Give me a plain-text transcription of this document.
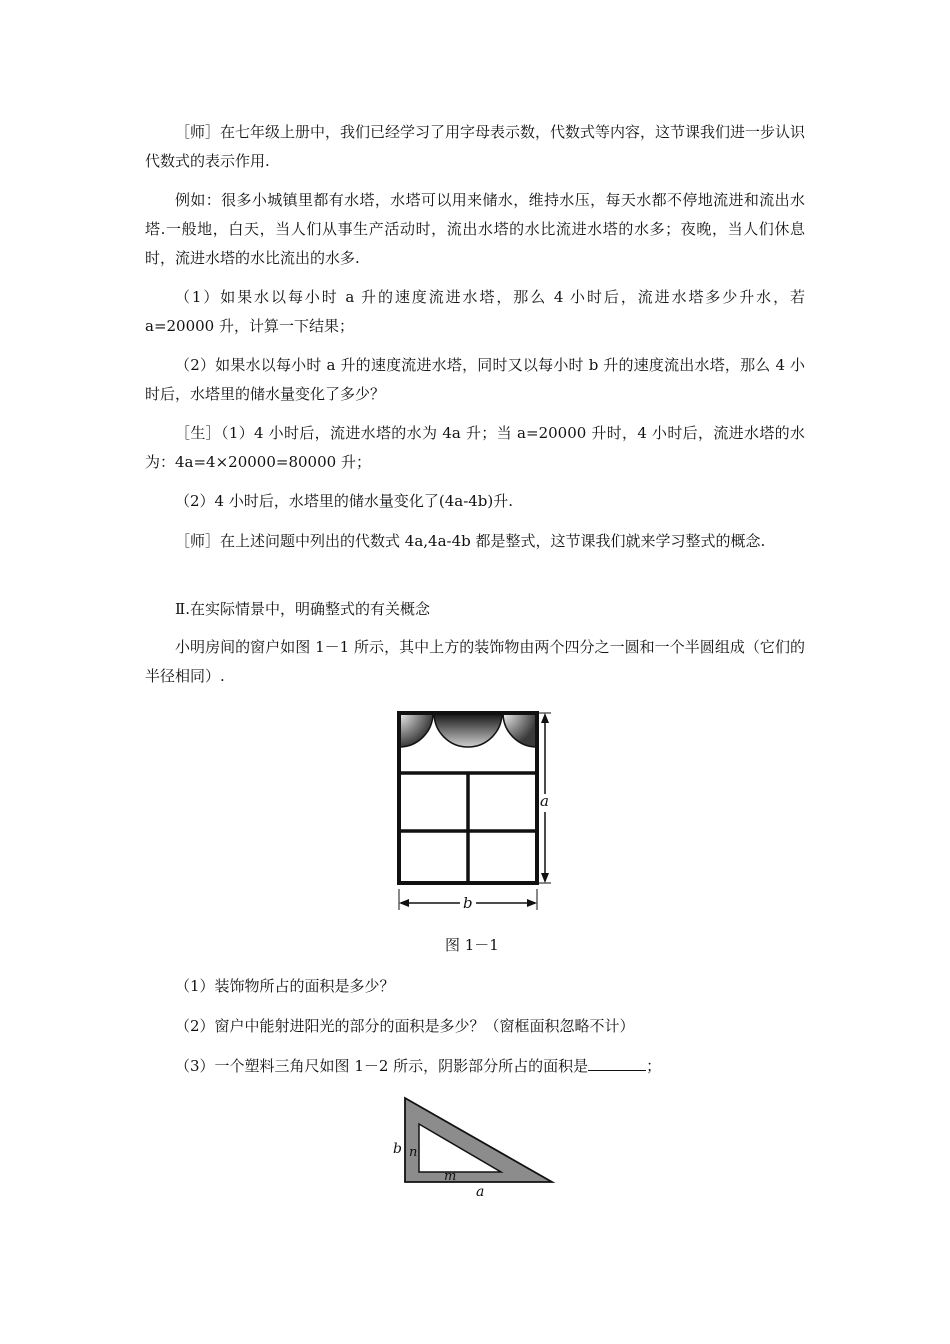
［师］在七年级上册中，我们已经学习了用字母表示数，代数式等内容，这节课我们进一步认识代数式的表示作用.

例如：很多小城镇里都有水塔，水塔可以用来储水，维持水压，每天水都不停地流进和流出水塔.一般地，白天，当人们从事生产活动时，流出水塔的水比流进水塔的水多；夜晚，当人们休息时，流进水塔的水比流出的水多.

（1）如果水以每小时 a 升的速度流进水塔，那么 4 小时后，流进水塔多少升水，若 a=20000 升，计算一下结果；

（2）如果水以每小时 a 升的速度流进水塔，同时又以每小时 b 升的速度流出水塔，那么 4 小时后，水塔里的储水量变化了多少？

［生］（1）4 小时后，流进水塔的水为 4a 升；当 a=20000 升时，4 小时后，流进水塔的水为：4a=4×20000=80000 升；

（2）4 小时后，水塔里的储水量变化了(4a-4b)升.

［师］在上述问题中列出的代数式 4a,4a-4b 都是整式，这节课我们就来学习整式的概念.

Ⅱ.在实际情景中，明确整式的有关概念

小明房间的窗户如图 1－1 所示，其中上方的装饰物由两个四分之一圆和一个半圆组成（它们的半径相同）.

a
b
图 1－1
（1）装饰物所占的面积是多少？
（2）窗户中能射进阳光的部分的面积是多少？（窗框面积忽略不计）
（3）一个塑料三角尺如图 1－2 所示，阴影部分所占的面积是	；
b n
m
a
